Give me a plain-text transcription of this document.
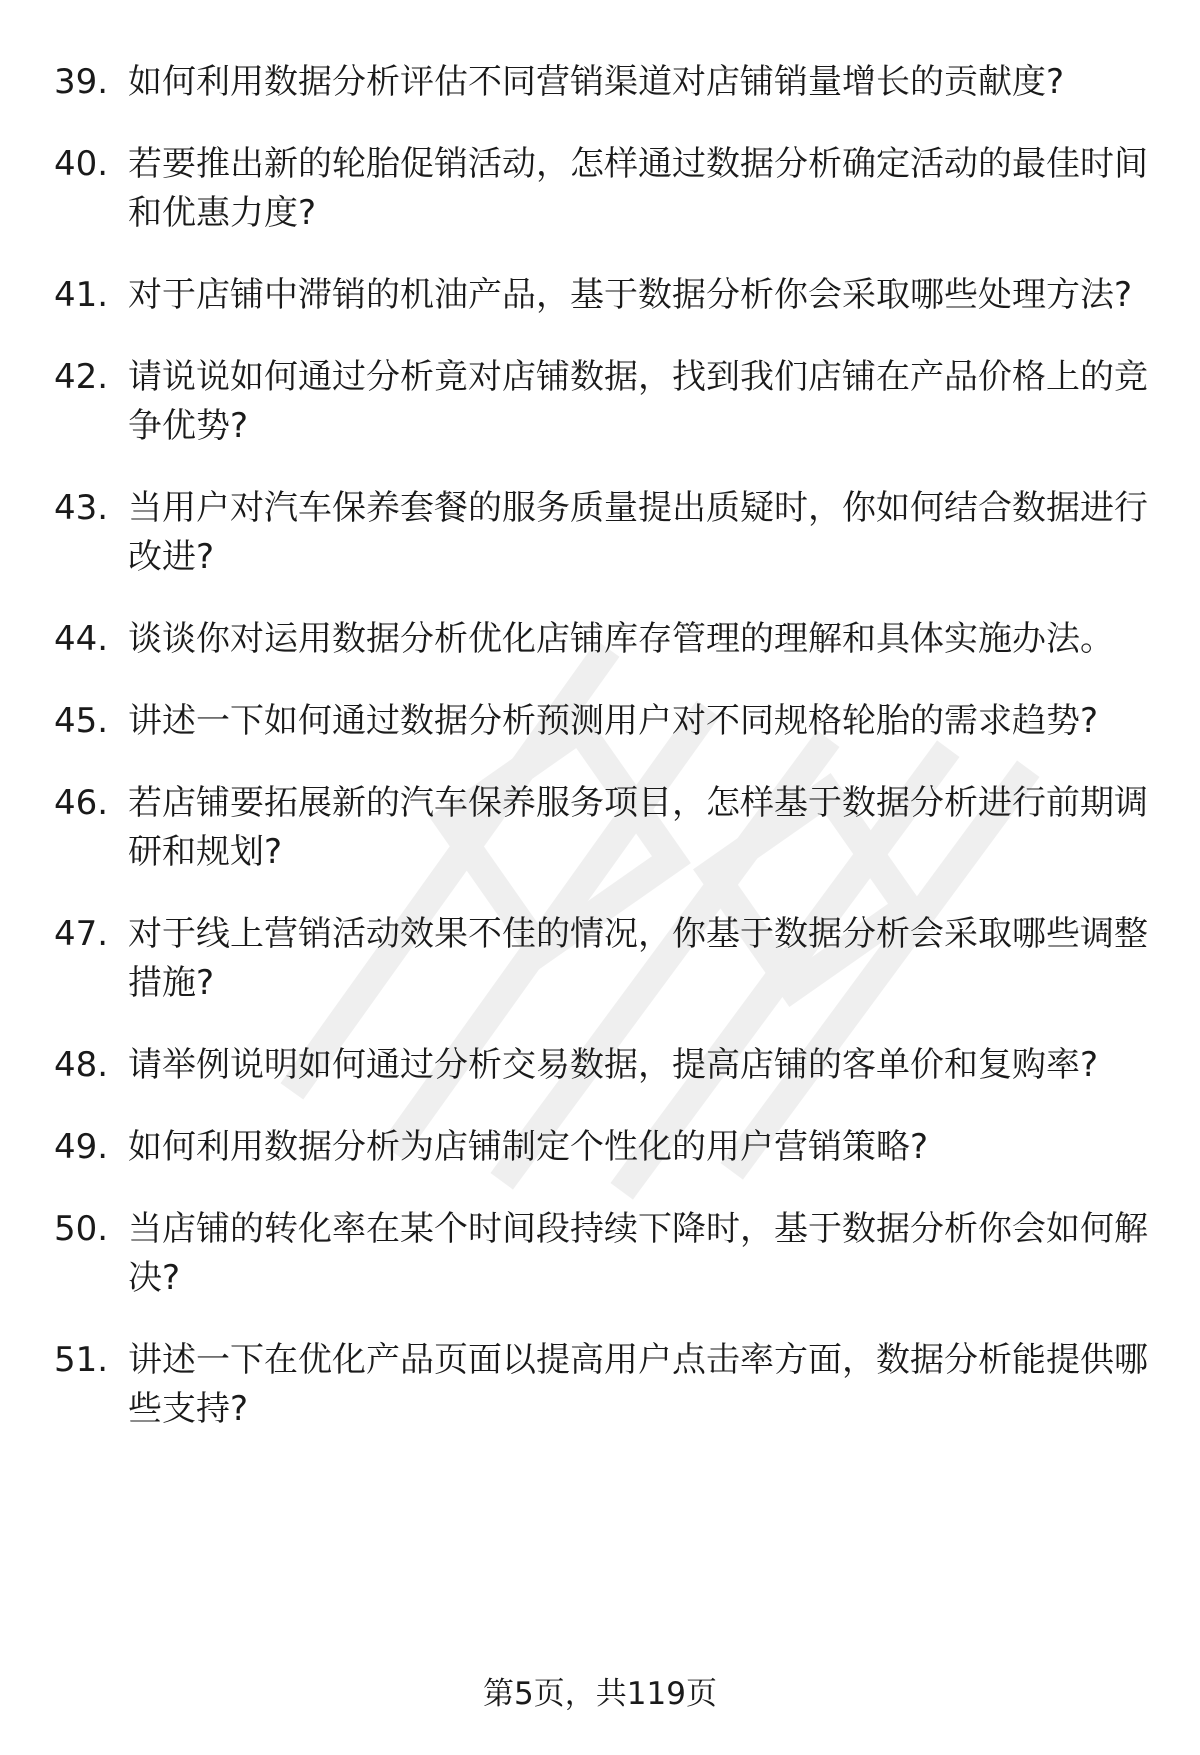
39. 如何利用数据分析评估不同营销渠道对店铺销量增长的贡献度?
40. 若要推出新的轮胎促销活动，怎样通过数据分析确定活动的最佳时间和优惠力度?
41. 对于店铺中滞销的机油产品，基于数据分析你会采取哪些处理方法?
42. 请说说如何通过分析竟对店铺数据，找到我们店铺在产品价格上的竞争优势?
43. 当用户对汽车保养套餐的服务质量提出质疑时，你如何结合数据进行改进?
44. 谈谈你对运用数据分析优化店铺库存管理的理解和具体实施办法。
45. 讲述一下如何通过数据分析预测用户对不同规格轮胎的需求趋势?
46. 若店铺要拓展新的汽车保养服务项目，怎样基于数据分析进行前期调研和规划?
47. 对于线上营销活动效果不佳的情况，你基于数据分析会采取哪些调整措施?
48. 请举例说明如何通过分析交易数据，提高店铺的客单价和复购率?
49. 如何利用数据分析为店铺制定个性化的用户营销策略?
50. 当店铺的转化率在某个时间段持续下降时，基于数据分析你会如何解决?
51. 讲述一下在优化产品页面以提高用户点击率方面，数据分析能提供哪些支持?
第5页，共119页
